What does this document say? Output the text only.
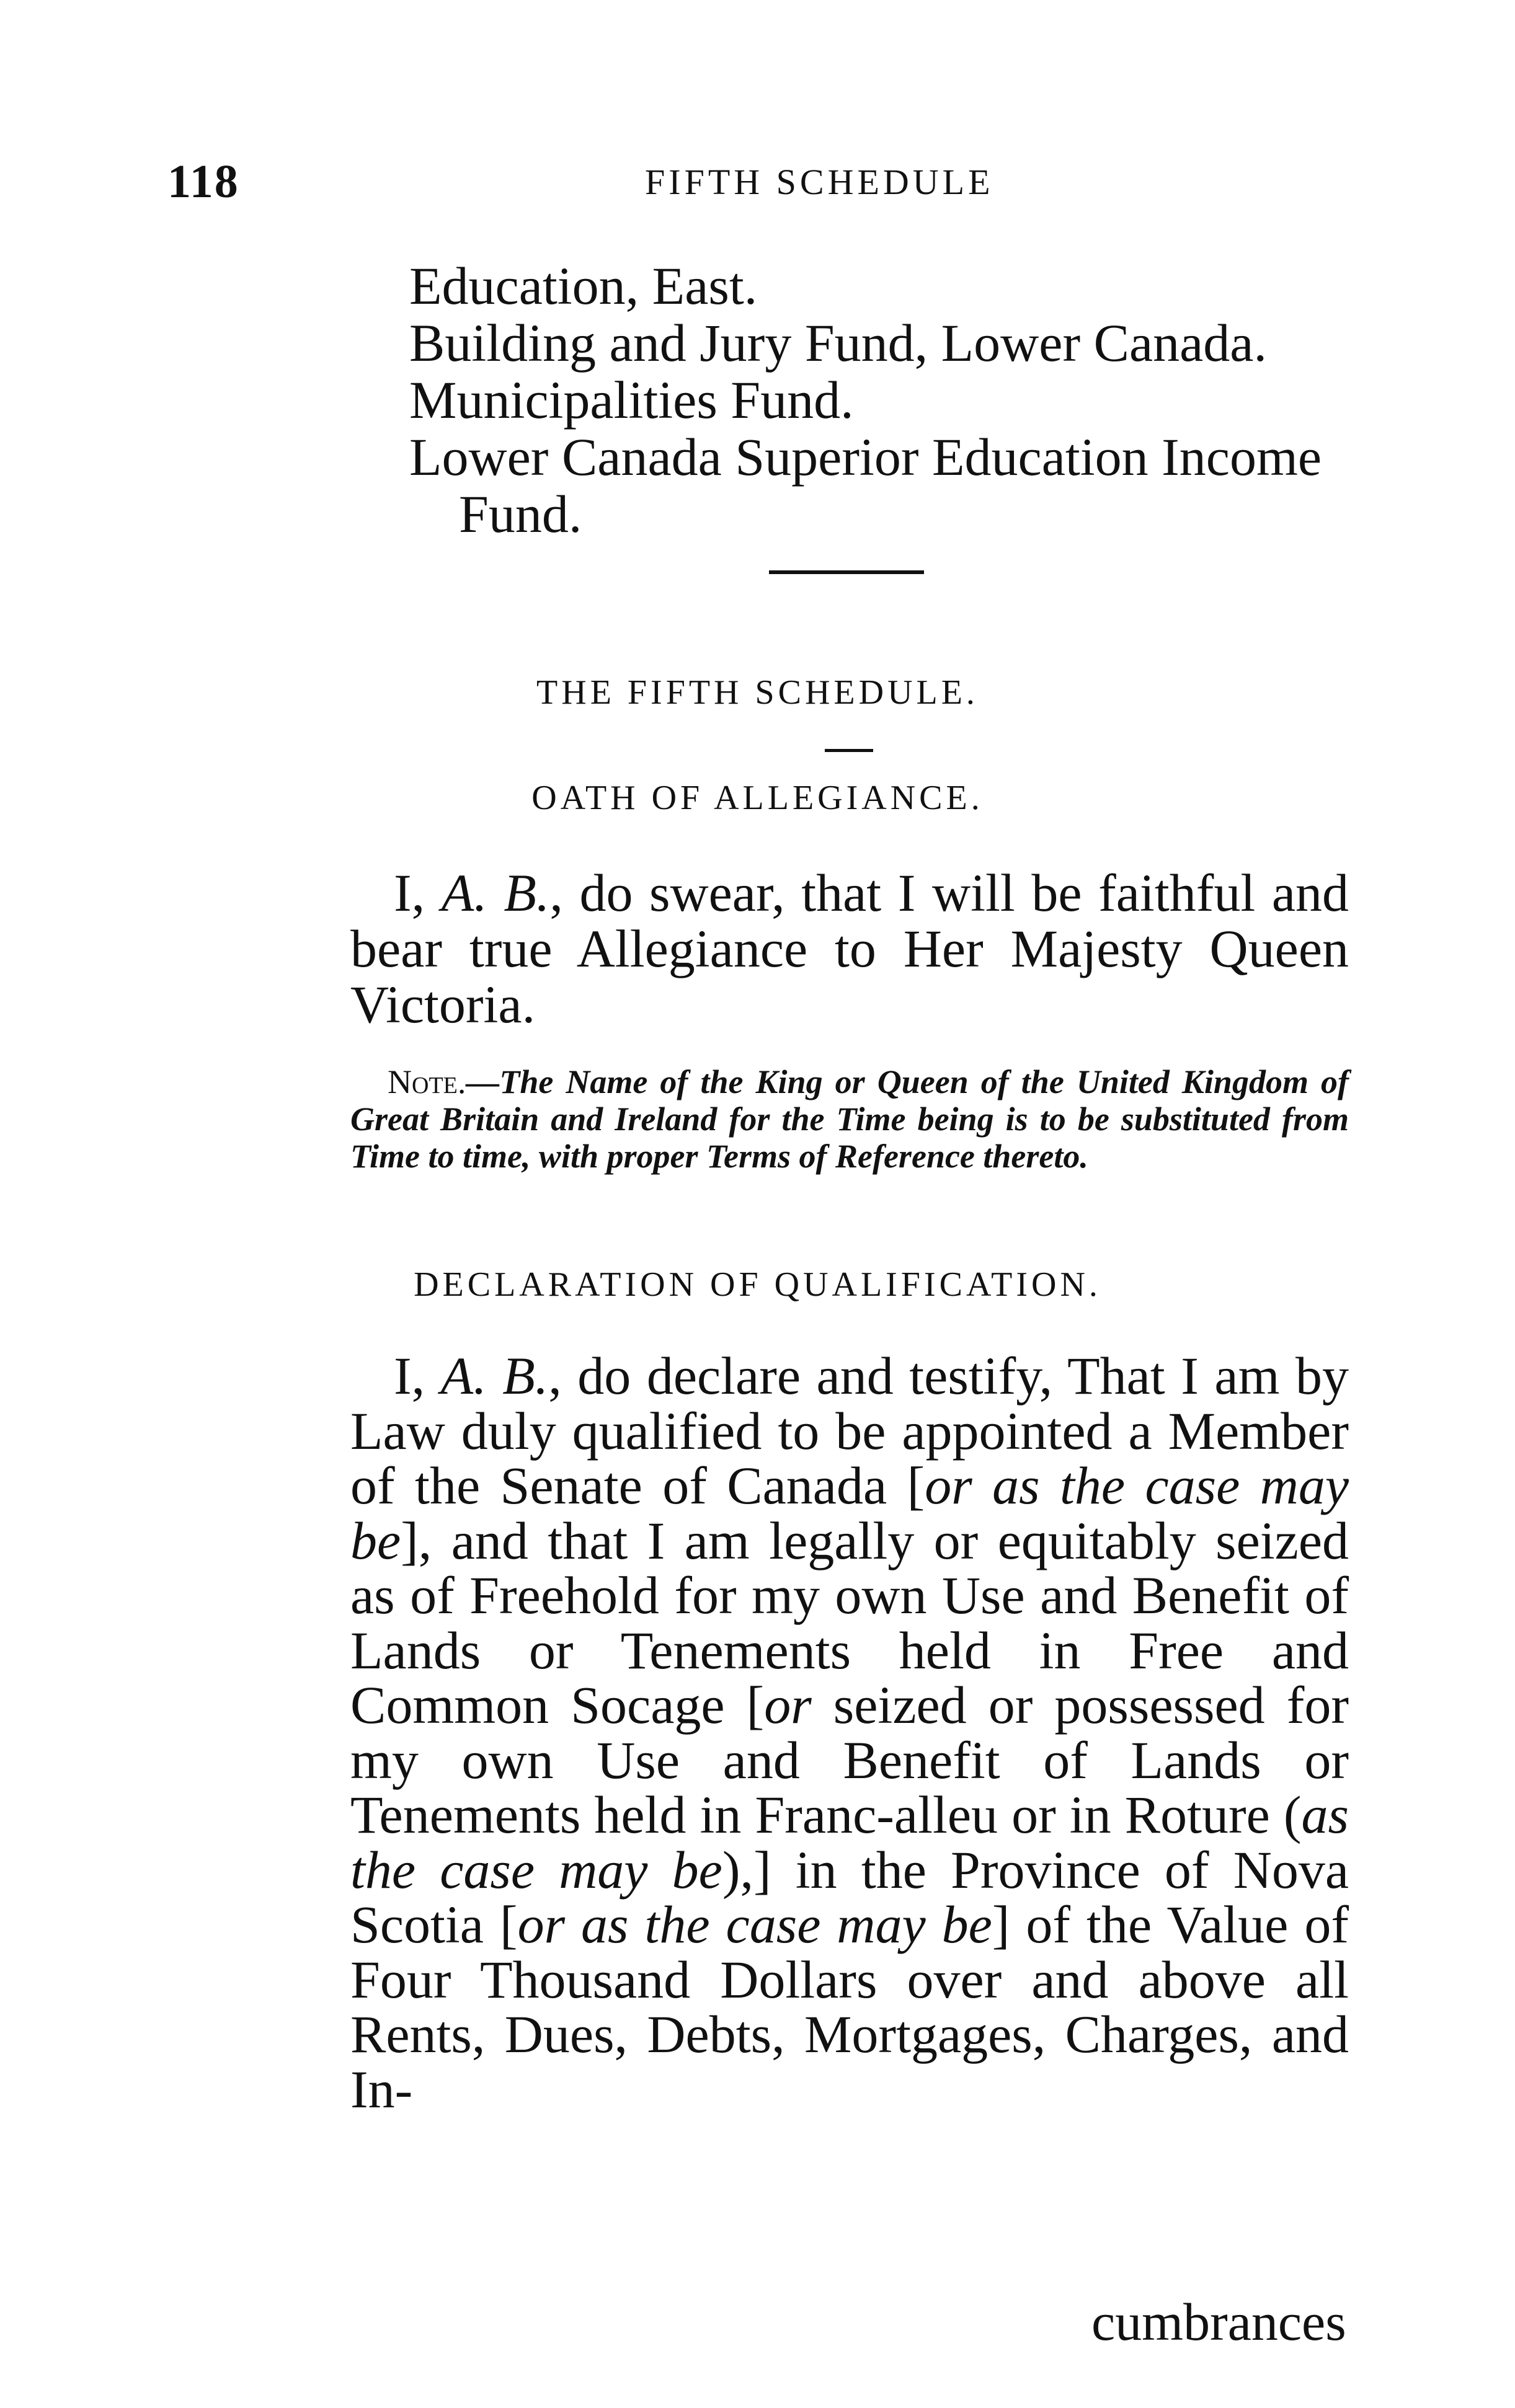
118	FIFTH SCHEDULE
Education, East.
Building and Jury Fund, Lower Canada.
Municipalities Fund.
Lower Canada Superior Education Income
Fund.
THE FIFTH SCHEDULE.
OATH OF ALLEGIANCE.

I, A. B., do swear, that I will be faithful and bear true Allegiance to Her Majesty Queen Victoria.

Note.—The Name of the King or Queen of the United Kingdom of Great Britain and Ireland for the Time being is to be substituted from Time to time, with proper Terms of Reference thereto.

DECLARATION OF QUALIFICATION.

I, A. B., do declare and testify, That I am by Law duly qualified to be appointed a Member of the Senate of Canada [or as the case may be], and that I am legally or equitably seized as of Freehold for my own Use and Benefit of Lands or Tenements held in Free and Common Socage [or seized or possessed for my own Use and Benefit of Lands or Tenements held in Franc-alleu or in Roture (as the case may be),] in the Province of Nova Scotia [or as the case may be] of the Value of Four Thousand Dollars over and above all Rents, Dues, Debts, Mortgages, Charges, and In-

cumbrances
